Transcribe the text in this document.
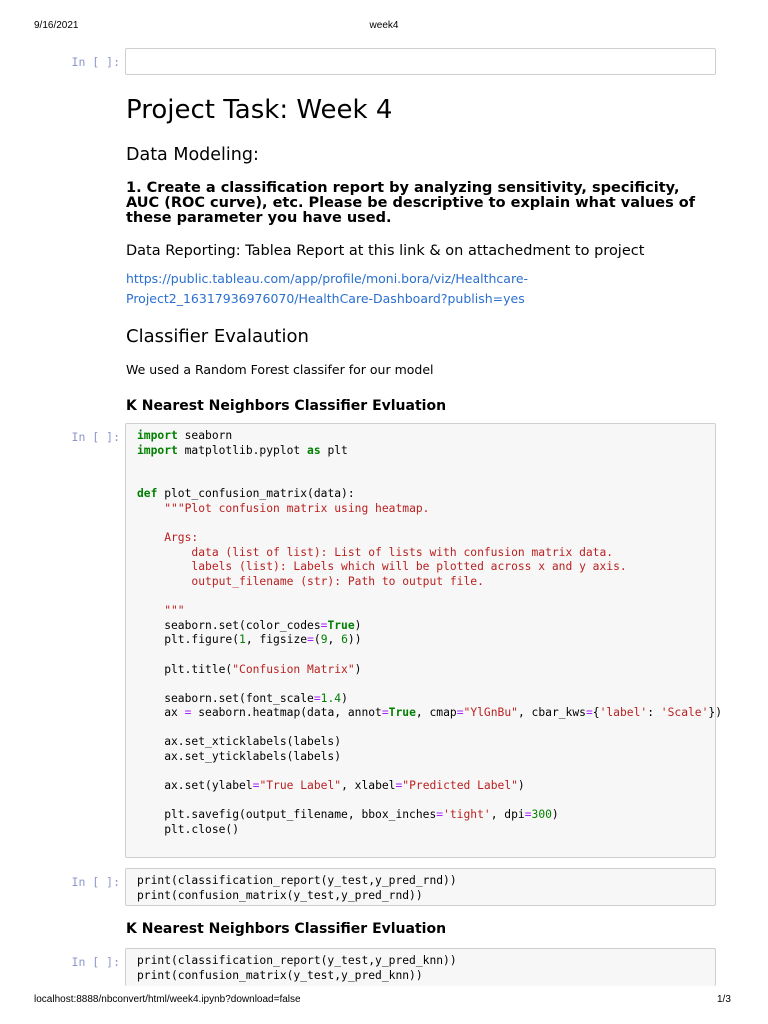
9/16/2021	week4
In [ ]:
Project Task: Week 4
Data Modeling:
1. Create a classification report by analyzing sensitivity, specificity, AUC (ROC curve), etc. Please be descriptive to explain what values of these parameter you have used.
Data Reporting: Tablea Report at this link & on attachedment to project
https://public.tableau.com/app/profile/moni.bora/viz/Healthcare-
Project2_16317936976070/HealthCare-Dashboard?publish=yes
Classifier Evalaution
We used a Random Forest classifer for our model
K Nearest Neighbors Classifier Evluation
In [ ]:	import seaborn
import matplotlib.pyplot as plt

def plot_confusion_matrix(data):
"""Plot confusion matrix using heatmap.

Args:
data (list of list): List of lists with confusion matrix data.
labels (list): Labels which will be plotted across x and y axis.
output_filename (str): Path to output file.

"""
seaborn.set(color_codes=True)
plt.figure(1, figsize=(9, 6))

plt.title("Confusion Matrix")

seaborn.set(font_scale=1.4)
ax = seaborn.heatmap(data, annot=True, cmap="YlGnBu", cbar_kws={'label': 'Scale'})

ax.set_xticklabels(labels)
ax.set_yticklabels(labels)

ax.set(ylabel="True Label", xlabel="Predicted Label")

plt.savefig(output_filename, bbox_inches='tight', dpi=300)
plt.close()
In [ ]:	print(classification_report(y_test,y_pred_rnd))
print(confusion_matrix(y_test,y_pred_rnd))
K Nearest Neighbors Classifier Evluation
In [ ]:	print(classification_report(y_test,y_pred_knn))
print(confusion_matrix(y_test,y_pred_knn))
localhost:8888/nbconvert/html/week4.ipynb?download=false	1/3
